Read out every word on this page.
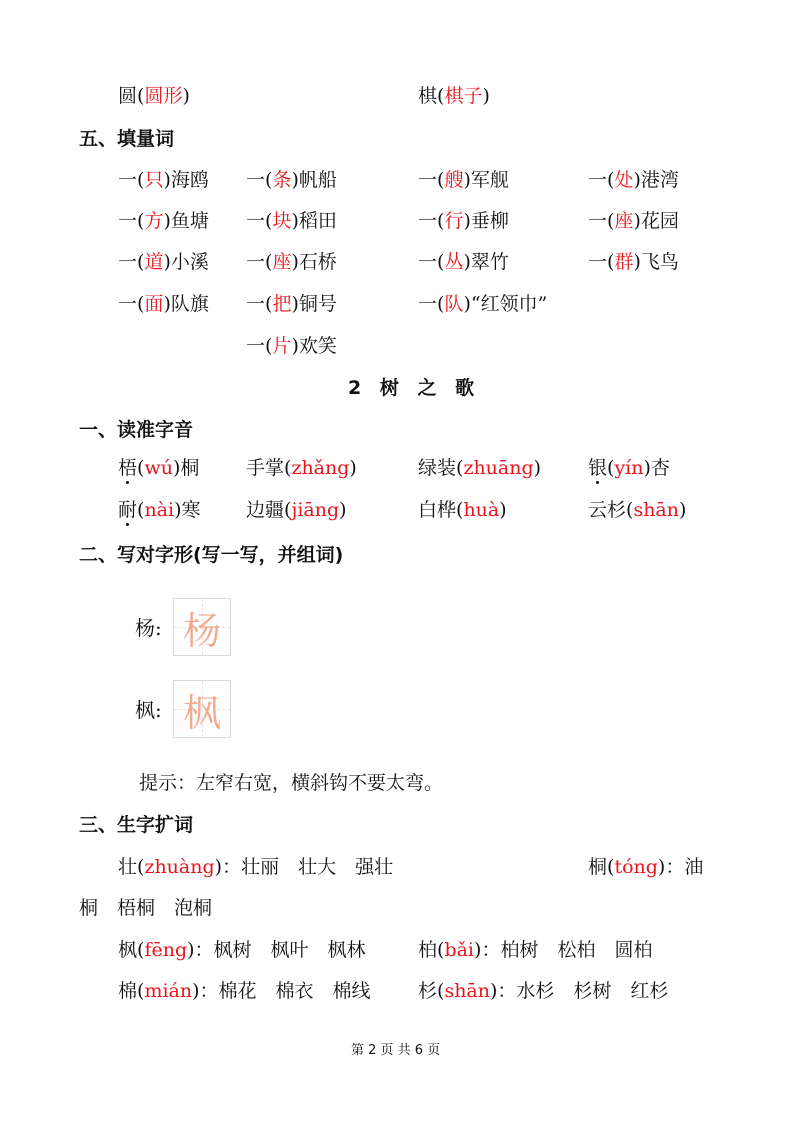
圆(圆形)	棋(棋子)
五、填量词
一(只)海鸥 一(条)帆船	一(艘)军舰	一(处)港湾
一(方)鱼塘 一(块)稻田	一(行)垂柳	一(座)花园
一(道)小溪 一(座)石桥	一(丛)翠竹	一(群)飞鸟
一(面)队旗 一(把)铜号	一(队)“红领巾”
一(片)欢笑
2 树 之 歌
一、读准字音
梧(wú)桐 手掌(zhǎng)	绿装(zhuāng) 银(yín)杏
耐(nài)寒 边疆(jiāng)	白桦(huà)	云杉(shān)
二、写对字形(写一写，并组词)
杨: 杨
枫: 枫
提示：左窄右宽，横斜钩不要太弯。
三、生字扩词
壮(zhuàng)：壮丽　壮大　强壮	桐(tóng)：油
桐　梧桐　泡桐
枫(fēng)：枫树　枫叶　枫林	柏(bǎi)：柏树　松柏　圆柏
棉(mián)：棉花　棉衣　棉线 杉(shān)：水杉　杉树　红杉
第 2 页 共 6 页
